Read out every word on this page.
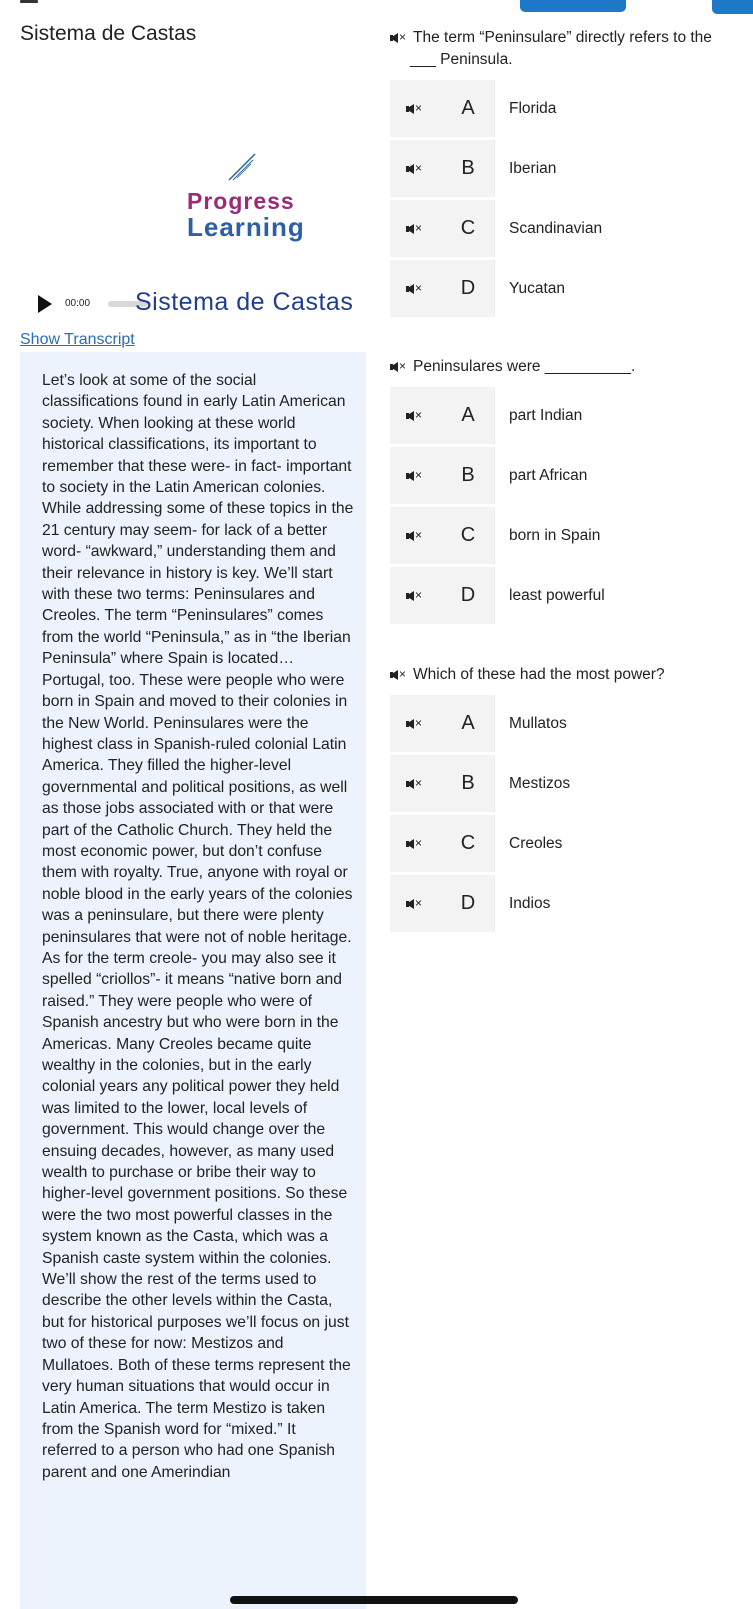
Sistema de Castas
Progress
Learning
00:00 Sistema de Castas
Show Transcript

Let’s look at some of the social classifications found in early Latin American society. When looking at these world historical classifications, its important to remember that these were- in fact- important to society in the Latin American colonies. While addressing some of these topics in the 21 century may seem- for lack of a better word- “awkward,” understanding them and their relevance in history is key. We’ll start with these two terms: Peninsulares and Creoles. The term “Peninsulares” comes from the world “Peninsula,” as in “the Iberian Peninsula” where Spain is located… Portugal, too. These were people who were born in Spain and moved to their colonies in the New World. Peninsulares were the highest class in Spanish-ruled colonial Latin America. They filled the higher-level governmental and political positions, as well as those jobs associated with or that were part of the Catholic Church. They held the most economic power, but don’t confuse them with royalty. True, anyone with royal or noble blood in the early years of the colonies was a peninsulare, but there were plenty peninsulares that were not of noble heritage. As for the term creole- you may also see it spelled “criollos”- it means “native born and raised.” They were people who were of Spanish ancestry but who were born in the Americas. Many Creoles became quite wealthy in the colonies, but in the early colonial years any political power they held was limited to the lower, local levels of government. This would change over the ensuing decades, however, as many used wealth to purchase or bribe their way to higher-level government positions. So these were the two most powerful classes in the system known as the Casta, which was a Spanish caste system within the colonies. We’ll show the rest of the terms used to describe the other levels within the Casta, but for historical purposes we’ll focus on just two of these for now: Mestizos and Mullatoes. Both of these terms represent the very human situations that would occur in Latin America. The term Mestizo is taken from the Spanish word for “mixed.” It referred to a person who had one Spanish parent and one Amerindian

× The term “Peninsulare” directly refers to the
___ Peninsula.
×	A	Florida
×	B	Iberian
×	C	Scandinavian
×	D	Yucatan
× Peninsulares were __________.
×	A	part Indian
×	B	part African
×	C	born in Spain
×	D	least powerful
× Which of these had the most power?
×	A	Mullatos
×	B	Mestizos
×	C	Creoles
×	D	Indios
